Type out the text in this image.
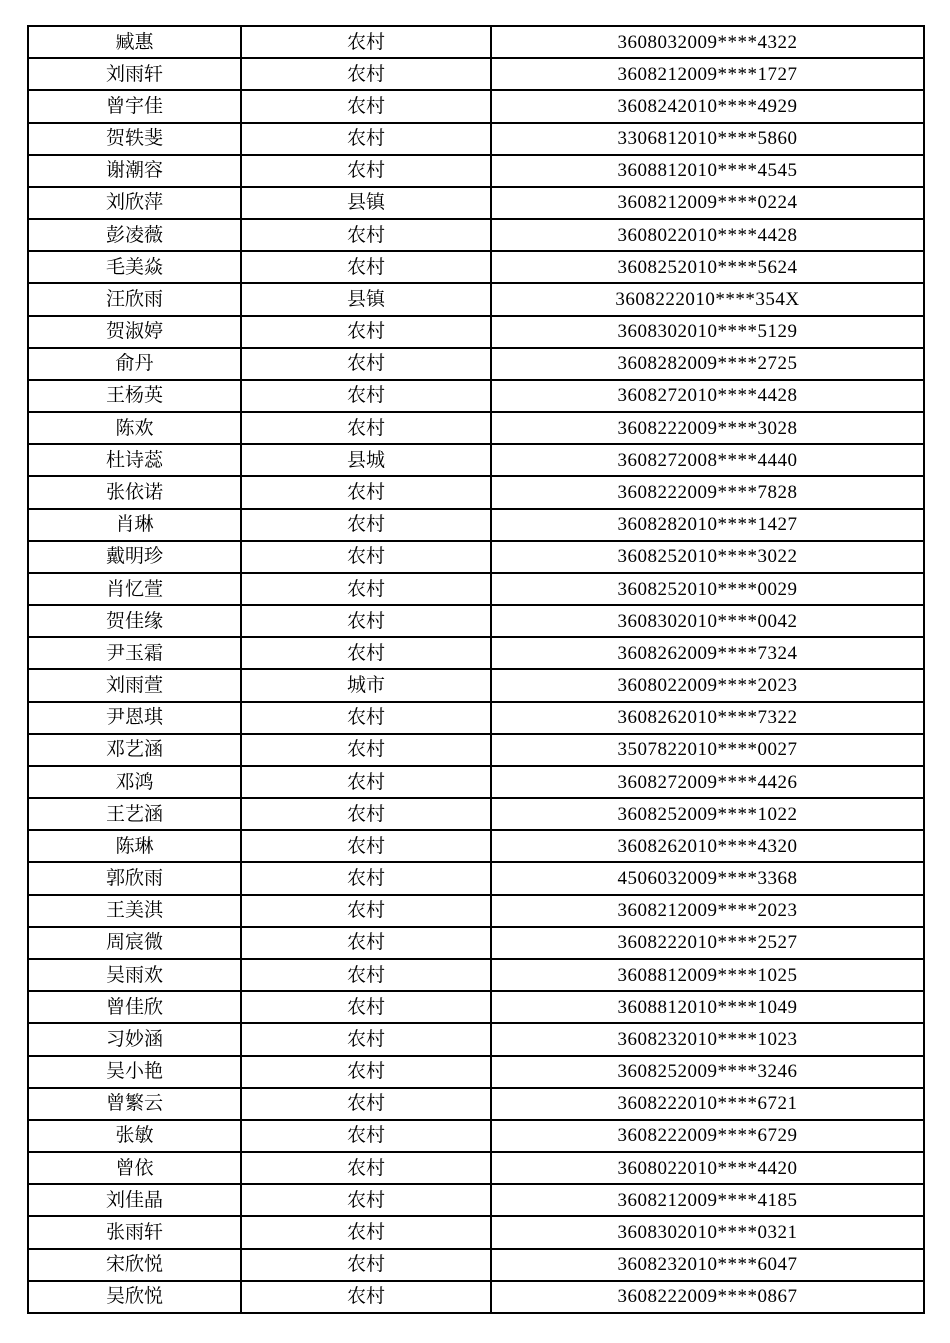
臧惠	农村	3608032009****4322
刘雨轩	农村	3608212009****1727
曾宇佳	农村	3608242010****4929
贺轶斐	农村	3306812010****5860
谢潮容	农村	3608812010****4545
刘欣萍	县镇	3608212009****0224
彭凌薇	农村	3608022010****4428
毛美焱	农村	3608252010****5624
汪欣雨	县镇	3608222010****354X
贺淑婷	农村	3608302010****5129
俞丹	农村	3608282009****2725
王杨英	农村	3608272010****4428
陈欢	农村	3608222009****3028
杜诗蕊	县城	3608272008****4440
张依诺	农村	3608222009****7828
肖琳	农村	3608282010****1427
戴明珍	农村	3608252010****3022
肖忆萱	农村	3608252010****0029
贺佳缘	农村	3608302010****0042
尹玉霜	农村	3608262009****7324
刘雨萱	城市	3608022009****2023
尹恩琪	农村	3608262010****7322
邓艺涵	农村	3507822010****0027
邓鸿	农村	3608272009****4426
王艺涵	农村	3608252009****1022
陈琳	农村	3608262010****4320
郭欣雨	农村	4506032009****3368
王美淇	农村	3608212009****2023
周宸微	农村	3608222010****2527
吴雨欢	农村	3608812009****1025
曾佳欣	农村	3608812010****1049
习妙涵	农村	3608232010****1023
吴小艳	农村	3608252009****3246
曾繁云	农村	3608222010****6721
张敏	农村	3608222009****6729
曾依	农村	3608022010****4420
刘佳晶	农村	3608212009****4185
张雨轩	农村	3608302010****0321
宋欣悦	农村	3608232010****6047
吴欣悦	农村	3608222009****0867
